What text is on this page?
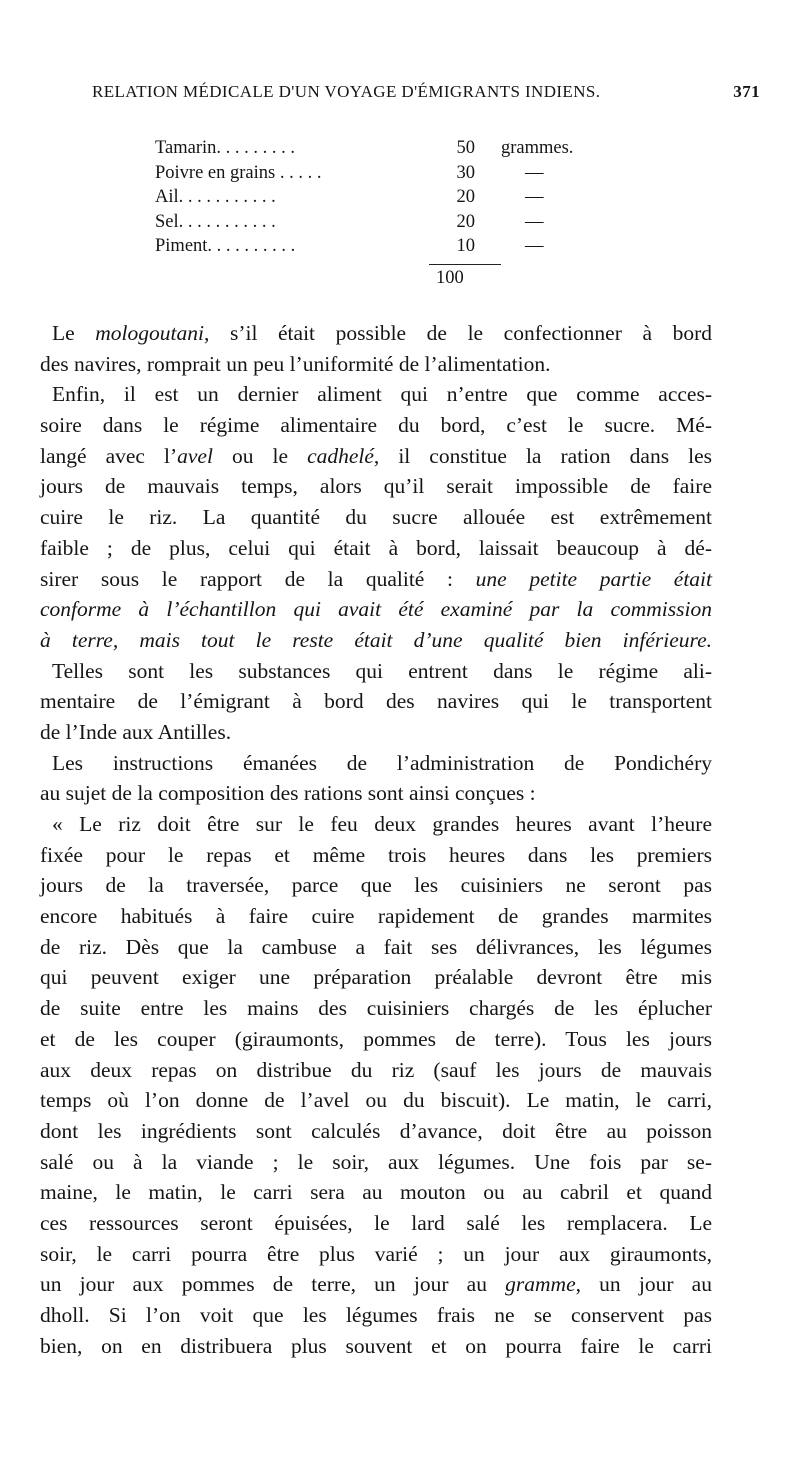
RELATION MÉDICALE D'UN VOYAGE D'ÉMIGRANTS INDIENS.	371
Tamarin. . . . . . . . .	50 grammes.
Poivre en grains . . . . .	30	—
Ail. . . . . . . . . . .	20	—
Sel. . . . . . . . . . .	20	—
Piment. . . . . . . . . .	10	—
100
Le mologoutani, s’il était possible de le confectionner à bord
des navires, romprait un peu l’uniformité de l’alimentation.
Enfin, il est un dernier aliment qui n’entre que comme acces-
soire dans le régime alimentaire du bord, c’est le sucre. Mé-
langé avec l’avel ou le cadhelé, il constitue la ration dans les
jours de mauvais temps, alors qu’il serait impossible de faire
cuire le riz. La quantité du sucre allouée est extrêmement
faible ; de plus, celui qui était à bord, laissait beaucoup à dé-
sirer sous le rapport de la qualité : une petite partie était
conforme à l’échantillon qui avait été examiné par la commission
à terre, mais tout le reste était d’une qualité bien inférieure.
Telles sont les substances qui entrent dans le régime ali-
mentaire de l’émigrant à bord des navires qui le transportent
de l’Inde aux Antilles.
Les instructions émanées de l’administration de Pondichéry
au sujet de la composition des rations sont ainsi conçues :
« Le riz doit être sur le feu deux grandes heures avant l’heure
fixée pour le repas et même trois heures dans les premiers
jours de la traversée, parce que les cuisiniers ne seront pas
encore habitués à faire cuire rapidement de grandes marmites
de riz. Dès que la cambuse a fait ses délivrances, les légumes
qui peuvent exiger une préparation préalable devront être mis
de suite entre les mains des cuisiniers chargés de les éplucher
et de les couper (giraumonts, pommes de terre). Tous les jours
aux deux repas on distribue du riz (sauf les jours de mauvais
temps où l’on donne de l’avel ou du biscuit). Le matin, le carri,
dont les ingrédients sont calculés d’avance, doit être au poisson
salé ou à la viande ; le soir, aux légumes. Une fois par se-
maine, le matin, le carri sera au mouton ou au cabril et quand
ces ressources seront épuisées, le lard salé les remplacera. Le
soir, le carri pourra être plus varié ; un jour aux giraumonts,
un jour aux pommes de terre, un jour au gramme, un jour au
dholl. Si l’on voit que les légumes frais ne se conservent pas
bien, on en distribuera plus souvent et on pourra faire le carri
